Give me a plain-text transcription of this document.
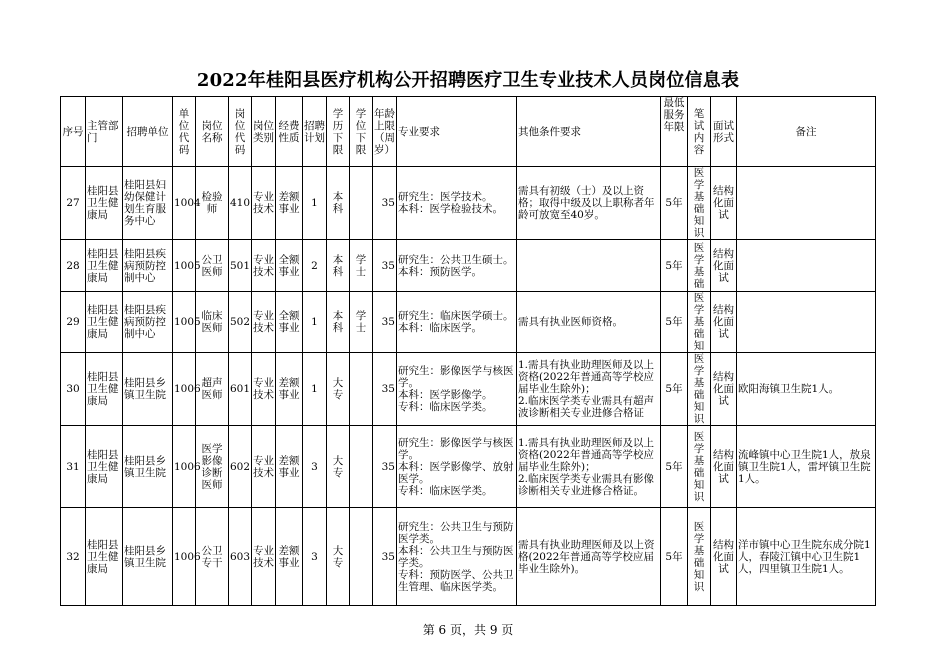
2022年桂阳县医疗机构公开招聘医疗卫生专业技术人员岗位信息表
序号	主管部门	招聘单位	单位代码	岗位名称	岗位代码	岗位类别	经费性质	招聘计划	学历下限	学位下限	年龄上限（周岁）	专业要求	其他条件要求	最低服务年限	笔试内容	面试形式	备注
27	桂阳县卫生健康局	桂阳县妇幼保健计划生育服务中心	1004	检验师	410	专业技术	差额事业	1	本科		35	研究生：医学技术。
本科：医学检验技术。	需具有初级（士）及以上资格；取得中级及以上职称者年龄可放宽至40岁。	5年	医学基础知识	结构化面试	
28	桂阳县卫生健康局	桂阳县疾病预防控制中心	1005	公卫医师	501	专业技术	全额事业	2	本科	学士	35	研究生：公共卫生硕士。
本科：预防医学。		5年	医学基础	结构化面试	
29	桂阳县卫生健康局	桂阳县疾病预防控制中心	1005	临床医师	502	专业技术	全额事业	1	本科	学士	35	研究生：临床医学硕士。
本科：临床医学。	需具有执业医师资格。	5年	医学基础知	结构化面试	
30	桂阳县卫生健康局	桂阳县乡镇卫生院	1006	超声医师	601	专业技术	差额事业	1	大专		35	研究生：影像医学与核医学。
本科：医学影像学。
专科：临床医学类。	1.需具有执业助理医师及以上资格(2022年普通高等学校应届毕业生除外)；
2.临床医学类专业需具有超声波诊断相关专业进修合格证	5年	医学基础知识	结构化面试	欧阳海镇卫生院1人。
31	桂阳县卫生健康局	桂阳县乡镇卫生院	1006	医学影像诊断医师	602	专业技术	差额事业	3	大专		35	研究生：影像医学与核医学。
本科：医学影像学、放射医学。
专科：临床医学类。	1.需具有执业助理医师及以上资格(2022年普通高等学校应届毕业生除外)；
2.临床医学类专业需具有影像诊断相关专业进修合格证。	5年	医学基础知识	结构化面试	流峰镇中心卫生院1人，敖泉镇卫生院1人，雷坪镇卫生院1人。
32	桂阳县卫生健康局	桂阳县乡镇卫生院	1006	公卫专干	603	专业技术	差额事业	3	大专		35	研究生：公共卫生与预防医学类。
本科：公共卫生与预防医学类。
专科：预防医学、公共卫生管理、临床医学类。	需具有执业助理医师及以上资格(2022年普通高等学校应届毕业生除外)。	5年	医学基础知识	结构化面试	洋市镇中心卫生院东成分院1人，春陵江镇中心卫生院1人，四里镇卫生院1人。
第 6 页，共 9 页
